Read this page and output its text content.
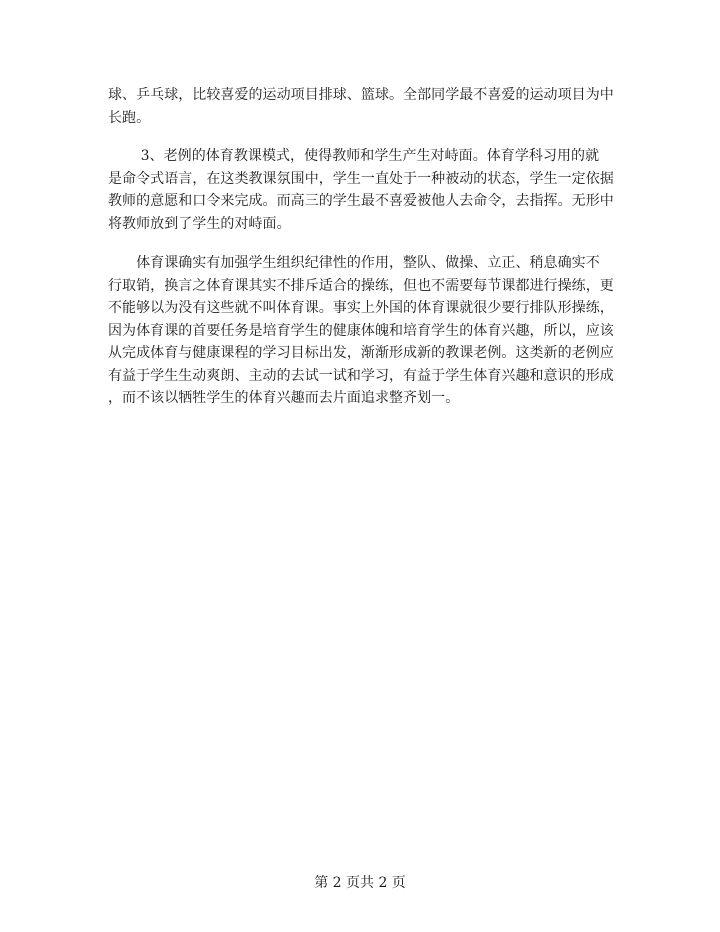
球、乒乓球，比较喜爱的运动项目排球、篮球。全部同学最不喜爱的运动项目为中
长跑。
　　 3、老例的体育教课模式，使得教师和学生产生对峙面。体育学科习用的就
是命令式语言，在这类教课氛围中，学生一直处于一种被动的状态，学生一定依据
教师的意愿和口令来完成。而高三的学生最不喜爱被他人去命令，去指挥。无形中
将教师放到了学生的对峙面。
　　体育课确实有加强学生组织纪律性的作用，整队、做操、立正、稍息确实不
行取销，换言之体育课其实不排斥适合的操练，但也不需要每节课都进行操练，更
不能够以为没有这些就不叫体育课。事实上外国的体育课就很少要行排队形操练，
因为体育课的首要任务是培育学生的健康体魄和培育学生的体育兴趣，所以，应该
从完成体育与健康课程的学习目标出发，渐渐形成新的教课老例。这类新的老例应
有益于学生生动爽朗、主动的去试一试和学习，有益于学生体育兴趣和意识的形成
，而不该以牺牲学生的体育兴趣而去片面追求整齐划一。
第 2 页共 2 页
